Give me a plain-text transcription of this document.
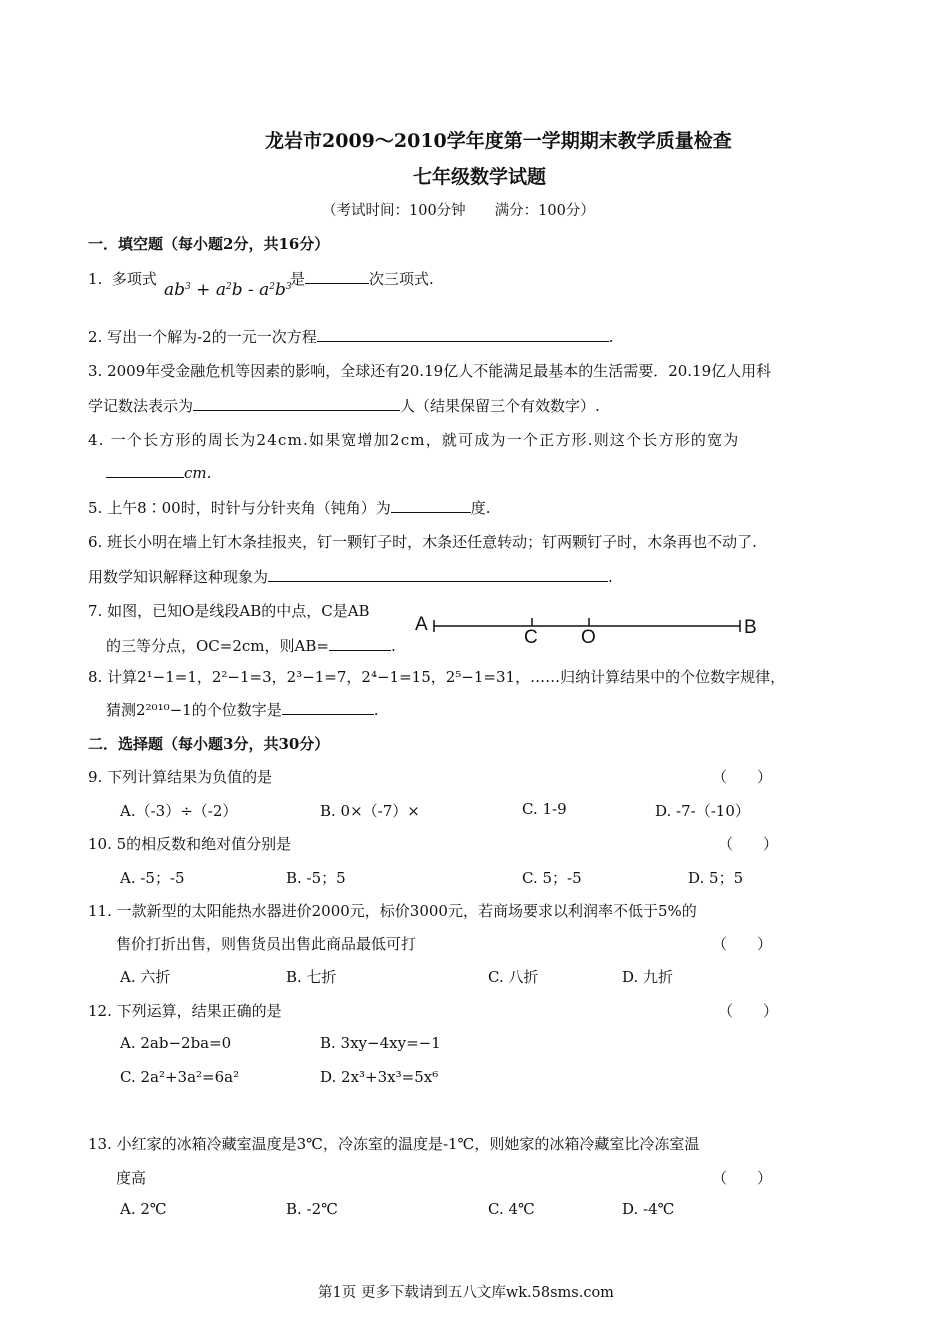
龙岩市2009～2010学年度第一学期期末教学质量检查
七年级数学试题
（考试时间：100分钟　　满分：100分）
一．填空题（每小题2分，共16分）
1. 多项式
$ab^3 + a^2b - a^2b^3$
是	次三项式.
2. 写出一个解为-2的一元一次方程	.
3. 2009年受金融危机等因素的影响，全球还有20.19亿人不能满足最基本的生活需要．20.19亿人用科
学记数法表示为	人（结果保留三个有效数字）.
4. 一个长方形的周长为24cm.如果宽增加2cm，就可成为一个正方形.则这个长方形的宽为
cm.
5. 上午8∶00时，时针与分针夹角（钝角）为	度.
6. 班长小明在墙上钉木条挂报夹，钉一颗钉子时，木条还任意转动；钉两颗钉子时，木条再也不动了.
用数学知识解释这种现象为	.
7. 如图，已知O是线段AB的中点，C是AB
的三等分点，OC=2cm，则AB=	.
A
C O	B
8. 计算2¹−1=1，2²−1=3，2³−1=7，2⁴−1=15，2⁵−1=31，……归纳计算结果中的个位数字规律，
猜测2²⁰¹⁰−1的个位数字是	.
二．选择题（每小题3分，共30分）
9. 下列计算结果为负值的是	（　　）
A.（-3）÷（-2）	B. 0×（-7）×	C. 1-9	D. -7-（-10）
10. 5的相反数和绝对值分别是	（　　）
A. -5；-5	B. -5；5	C. 5；-5	D. 5；5
11. 一款新型的太阳能热水器进价2000元，标价3000元，若商场要求以利润率不低于5%的
售价打折出售，则售货员出售此商品最低可打	（　　）
A. 六折	B. 七折	C. 八折	D. 九折
12. 下列运算，结果正确的是	（　　）
A. 2ab−2ba=0	B. 3xy−4xy=−1
C. 2a²+3a²=6a²	D. 2x³+3x³=5x⁶
13. 小红家的冰箱冷藏室温度是3℃，冷冻室的温度是-1℃，则她家的冰箱冷藏室比冷冻室温
度高	（　　）
A. 2℃	B. -2℃	C. 4℃	D. -4℃
第1页 更多下载请到五八文库wk.58sms.com
